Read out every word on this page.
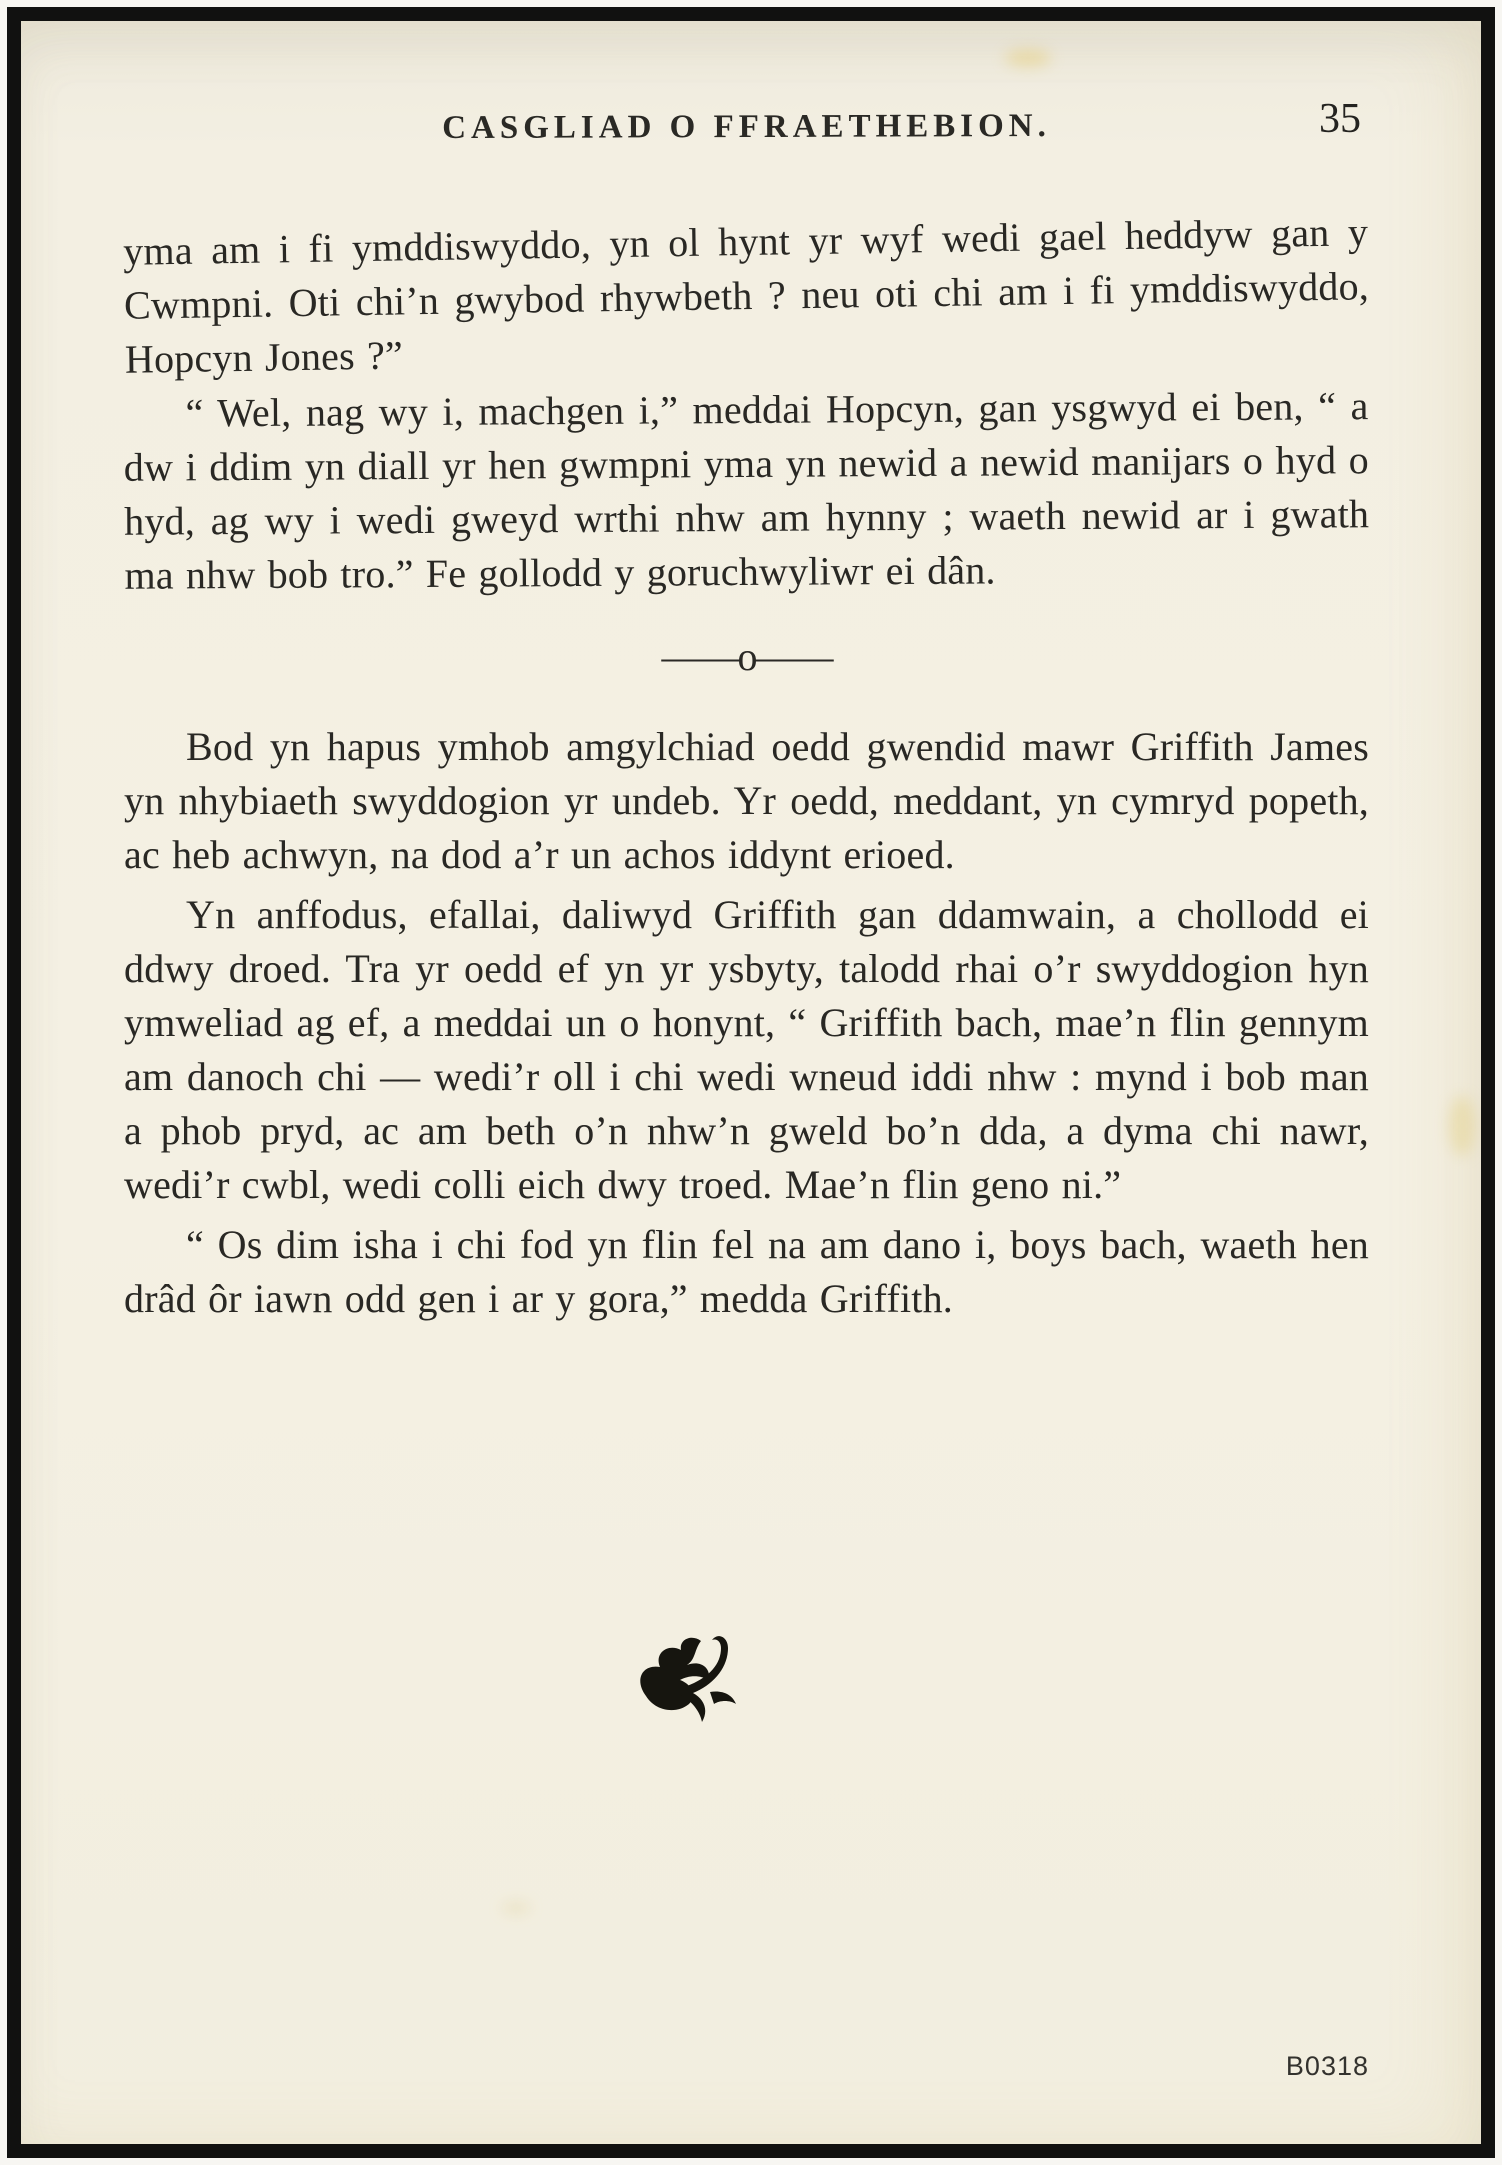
CASGLIAD O FFRAETHEBION.	35

yma am i fi ymddiswyddo, yn ol hynt yr wyf wedi gael heddyw gan y Cwmpni. Oti chi’n gwybod rhywbeth ? neu oti chi am i fi ymddiswyddo, Hopcyn Jones ?”

“ Wel, nag wy i, machgen i,” meddai Hopcyn, gan ysgwyd ei ben, “ a dw i ddim yn diall yr hen gwmpni yma yn newid a newid manijars o hyd o hyd, ag wy i wedi gweyd wrthi nhw am hynny ; waeth newid ar i gwath ma nhw bob tro.” Fe gollodd y goruchwyliwr ei dân.

——o——

Bod yn hapus ymhob amgylchiad oedd gwendid mawr Griffith James yn nhybiaeth swyddogion yr undeb. Yr oedd, meddant, yn cymryd popeth, ac heb achwyn, na dod a’r un achos iddynt erioed.

Yn anffodus, efallai, daliwyd Griffith gan ddamwain, a chollodd ei ddwy droed. Tra yr oedd ef yn yr ysbyty, talodd rhai o’r swyddogion hyn ymweliad ag ef, a meddai un o honynt, “ Griffith bach, mae’n flin gennym am danoch chi — wedi’r oll i chi wedi wneud iddi nhw : mynd i bob man a phob pryd, ac am beth o’n nhw’n gweld bo’n dda, a dyma chi nawr, wedi’r cwbl, wedi colli eich dwy troed. Mae’n flin geno ni.”

“ Os dim isha i chi fod yn flin fel na am dano i, boys bach, waeth hen drâd ôr iawn odd gen i ar y gora,” medda Griffith.

B0318
